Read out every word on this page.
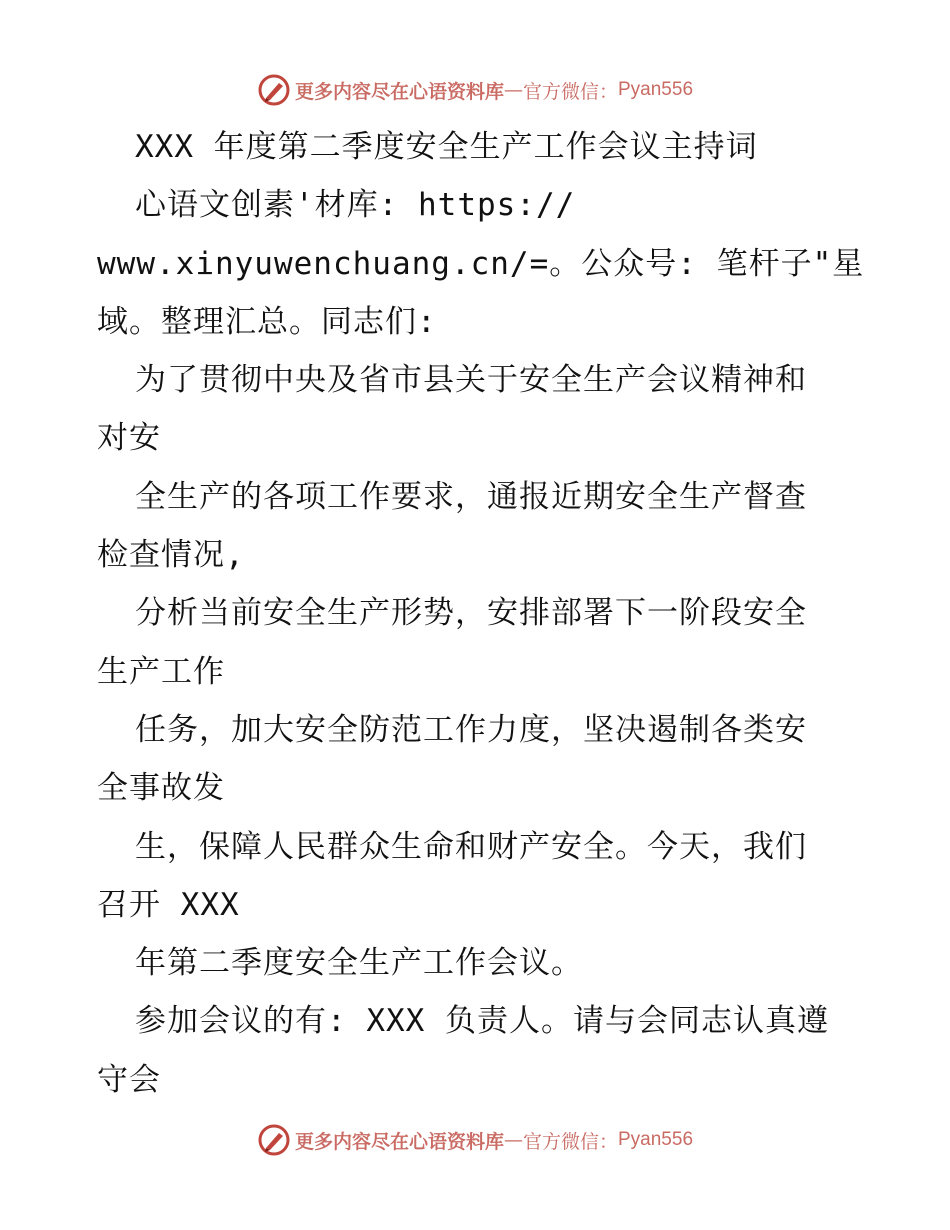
更多内容尽在心语资料库 — 官方微信： Pyan556
XXX 年度第二季度安全生产工作会议主持词
心语文创素'材库: https://
www.xinyuwenchuang.cn/=。公众号: 笔杆子"星
域。整理汇总。同志们:
为了贯彻中央及省市县关于安全生产会议精神和
对安
全生产的各项工作要求，通报近期安全生产督查
检查情况,
分析当前安全生产形势，安排部署下一阶段安全
生产工作
任务，加大安全防范工作力度，坚决遏制各类安
全事故发
生，保障人民群众生命和财产安全。今天，我们
召开 XXX
年第二季度安全生产工作会议。
参加会议的有: XXX 负责人。请与会同志认真遵
守会
更多内容尽在心语资料库 — 官方微信： Pyan556
